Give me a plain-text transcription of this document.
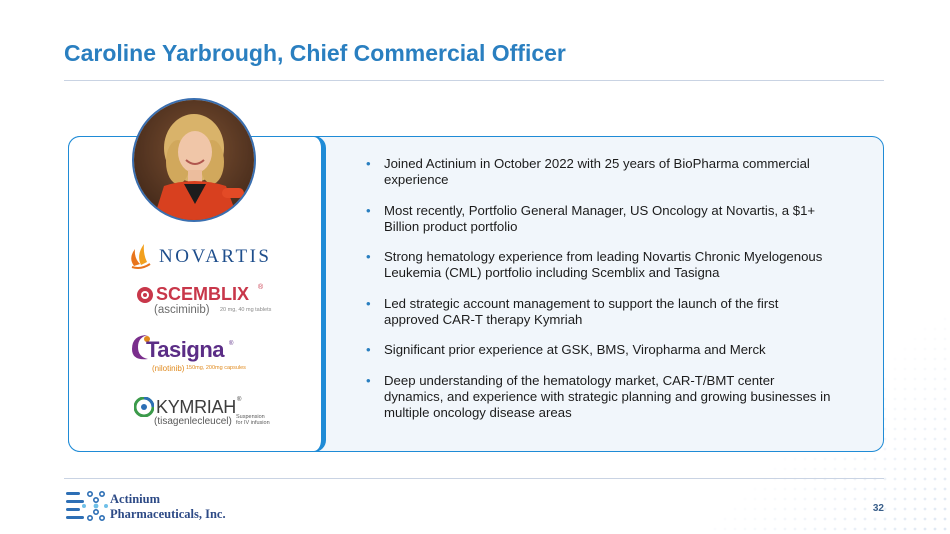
Caroline Yarbrough, Chief Commercial Officer
NOVARTIS
SCEMBLIX ®
(asciminib) 20 mg, 40 mg tablets
Tasigna ®
(nilotinib) 150mg, 200mg capsules
KYMRIAH ®
(tisagenlecleucel) Suspension
for IV infusion
• Joined Actinium in October 2022 with 25 years of BioPharma commercial experience
• Most recently, Portfolio General Manager, US Oncology at Novartis, a $1+ Billion product portfolio
• Strong hematology experience from leading Novartis Chronic Myelogenous Leukemia (CML) portfolio including Scemblix and Tasigna
• Led strategic account management to support the launch of the first approved CAR-T therapy Kymriah
• Significant prior experience at GSK, BMS, Viropharma and Merck
• Deep understanding of the hematology market, CAR-T/BMT center dynamics, and experience with strategic planning and growing businesses in multiple oncology disease areas
Actinium
Pharmaceuticals, Inc.	32
